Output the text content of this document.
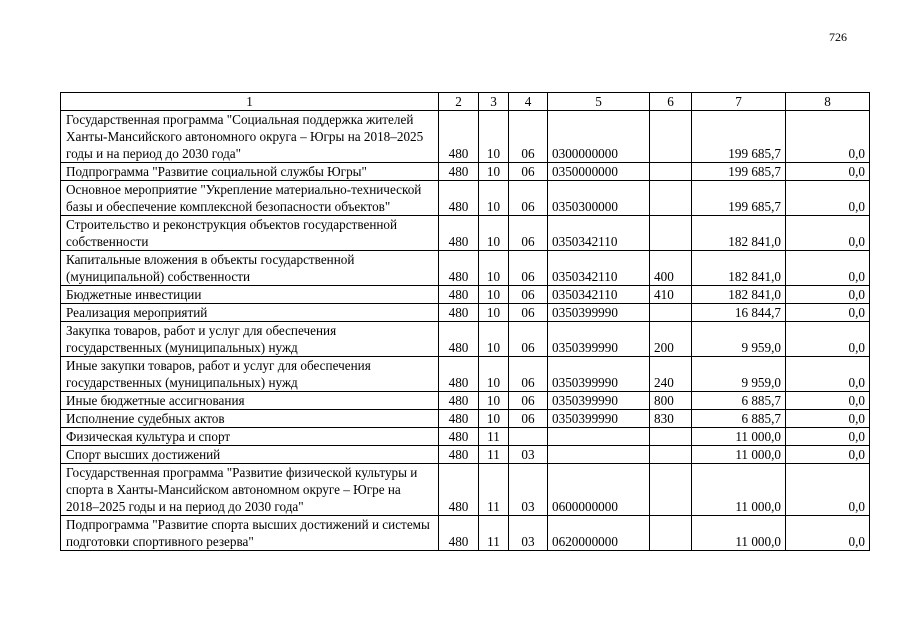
726
1	2	3	4	5	6	7	8
Государственная программа "Социальная поддержка жителей Ханты-Мансийского автономного округа – Югры на 2018–2025 годы и на период до 2030 года"	480	10	06	0300000000		199 685,7	0,0
Подпрограмма "Развитие социальной службы Югры"	480	10	06	0350000000		199 685,7	0,0
Основное мероприятие "Укрепление материально-технической базы и обеспечение комплексной безопасности объектов"	480	10	06	0350300000		199 685,7	0,0
Строительство и реконструкция объектов государственной собственности	480	10	06	0350342110		182 841,0	0,0
Капитальные вложения в объекты государственной (муниципальной) собственности	480	10	06	0350342110	400	182 841,0	0,0
Бюджетные инвестиции	480	10	06	0350342110	410	182 841,0	0,0
Реализация мероприятий	480	10	06	0350399990		16 844,7	0,0
Закупка товаров, работ и услуг для обеспечения государственных (муниципальных) нужд	480	10	06	0350399990	200	9 959,0	0,0
Иные закупки товаров, работ и услуг для обеспечения государственных (муниципальных) нужд	480	10	06	0350399990	240	9 959,0	0,0
Иные бюджетные ассигнования	480	10	06	0350399990	800	6 885,7	0,0
Исполнение судебных актов	480	10	06	0350399990	830	6 885,7	0,0
Физическая культура и спорт	480	11				11 000,0	0,0
Спорт высших достижений	480	11	03			11 000,0	0,0
Государственная программа "Развитие физической культуры и спорта в Ханты-Мансийском автономном округе – Югре на 2018–2025 годы и на период до 2030 года"	480	11	03	0600000000		11 000,0	0,0
Подпрограмма "Развитие спорта высших достижений и системы подготовки спортивного резерва"	480	11	03	0620000000		11 000,0	0,0
